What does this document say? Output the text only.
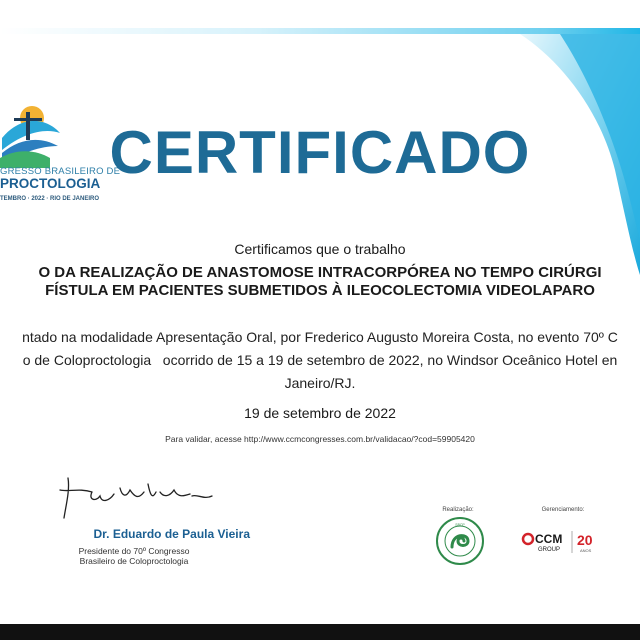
GRESSO BRASILEIRO DE
PROCTOLOGIA
TEMBRO · 2022 · RIO DE JANEIRO
CERTIFICADO
Certificamos que o trabalho
O DA REALIZAÇÃO DE ANASTOMOSE INTRACORPÓREA NO TEMPO CIRÚRGI
FÍSTULA EM PACIENTES SUBMETIDOS À ILEOCOLECTOMIA VIDEOLAPARO
ntado na modalidade Apresentação Oral, por Frederico Augusto Moreira Costa, no evento 70º C
o de Coloproctologia   ocorrido de 15 a 19 de setembro de 2022, no Windsor Oceânico Hotel en
Janeiro/RJ.
19 de setembro de 2022
Para validar, acesse http://www.ccmcongresses.com.br/validacao/?cod=59905420
Dr. Eduardo de Paula Vieira
Presidente do 70º Congresso
Brasileiro de Coloproctologia
Realização:
SBCP
Gerenciamento:
CCM
GROUP
20
ANOS
